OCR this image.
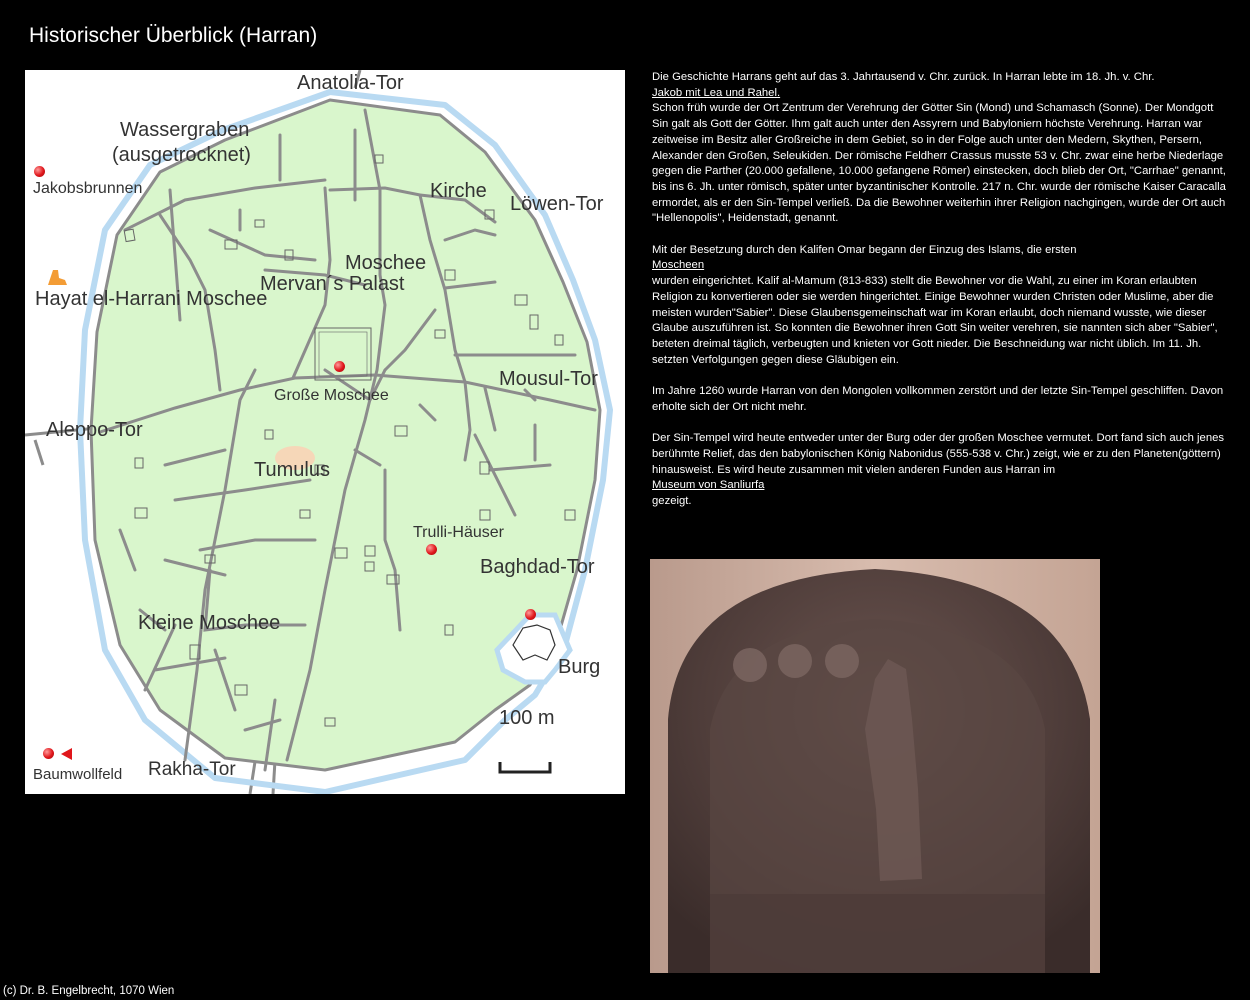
Historischer Überblick (Harran)
Anatolia-Tor
Wassergraben
(ausgetrocknet)
Jakobsbrunnen	Kirche
Löwen-Tor
Moschee
Mervan´s Palast
Hayat el-Harrani Moschee
Große Moschee
Mousul-Tor
Aleppo-Tor
Tumulus
Trulli-Häuser
Baghdad-Tor
Kleine Moschee
Burg
100 m
Baumwollfeld Rakha-Tor

Die Geschichte Harrans geht auf das 3. Jahrtausend v. Chr. zurück. In Harran lebte im 18. Jh. v. Chr.
Jakob mit Lea und Rahel.
Schon früh wurde der Ort Zentrum der Verehrung der Götter Sin (Mond) und Schamasch (Sonne). Der Mondgott Sin galt als Gott der Götter. Ihm galt auch unter den Assyrern und Babyloniern höchste Verehrung. Harran war zeitweise im Besitz aller Großreiche in dem Gebiet, so in der Folge auch unter den Medern, Skythen, Persern, Alexander den Großen, Seleukiden. Der römische Feldherr Crassus musste 53 v. Chr. zwar eine herbe Niederlage gegen die Parther (20.000 gefallene, 10.000 gefangene Römer) einstecken, doch blieb der Ort, "Carrhae" genannt, bis ins 6. Jh. unter römisch, später unter byzantinischer Kontrolle. 217 n. Chr. wurde der römische Kaiser Caracalla ermordet, als er den Sin-Tempel verließ. Da die Bewohner weiterhin ihrer Religion nachgingen, wurde der Ort auch "Hellenopolis", Heidenstadt, genannt.

Mit der Besetzung durch den Kalifen Omar begann der Einzug des Islams, die ersten
Moscheen
wurden eingerichtet. Kalif al-Mamum (813-833) stellt die Bewohner vor die Wahl, zu einer im Koran erlaubten Religion zu konvertieren oder sie werden hingerichtet. Einige Bewohner wurden Christen oder Muslime, aber die meisten wurden"Sabier". Diese Glaubensgemeinschaft war im Koran erlaubt, doch niemand wusste, wie dieser Glaube auszuführen ist. So konnten die Bewohner ihren Gott Sin weiter verehren, sie nannten sich aber "Sabier", beteten dreimal täglich, verbeugten und knieten vor Gott nieder. Die Beschneidung war nicht üblich. Im 11. Jh. setzten Verfolgungen gegen diese Gläubigen ein.

Im Jahre 1260 wurde Harran von den Mongolen vollkommen zerstört und der letzte Sin-Tempel geschliffen. Davon erholte sich der Ort nicht mehr.

Der Sin-Tempel wird heute entweder unter der Burg oder der großen Moschee vermutet. Dort fand sich auch jenes berühmte Relief, das den babylonischen König Nabonidus (555-538 v. Chr.) zeigt, wie er zu den Planeten(göttern) hinausweist. Es wird heute zusammen mit vielen anderen Funden aus Harran im
Museum von Sanliurfa
gezeigt.

(c) Dr. B. Engelbrecht, 1070 Wien
